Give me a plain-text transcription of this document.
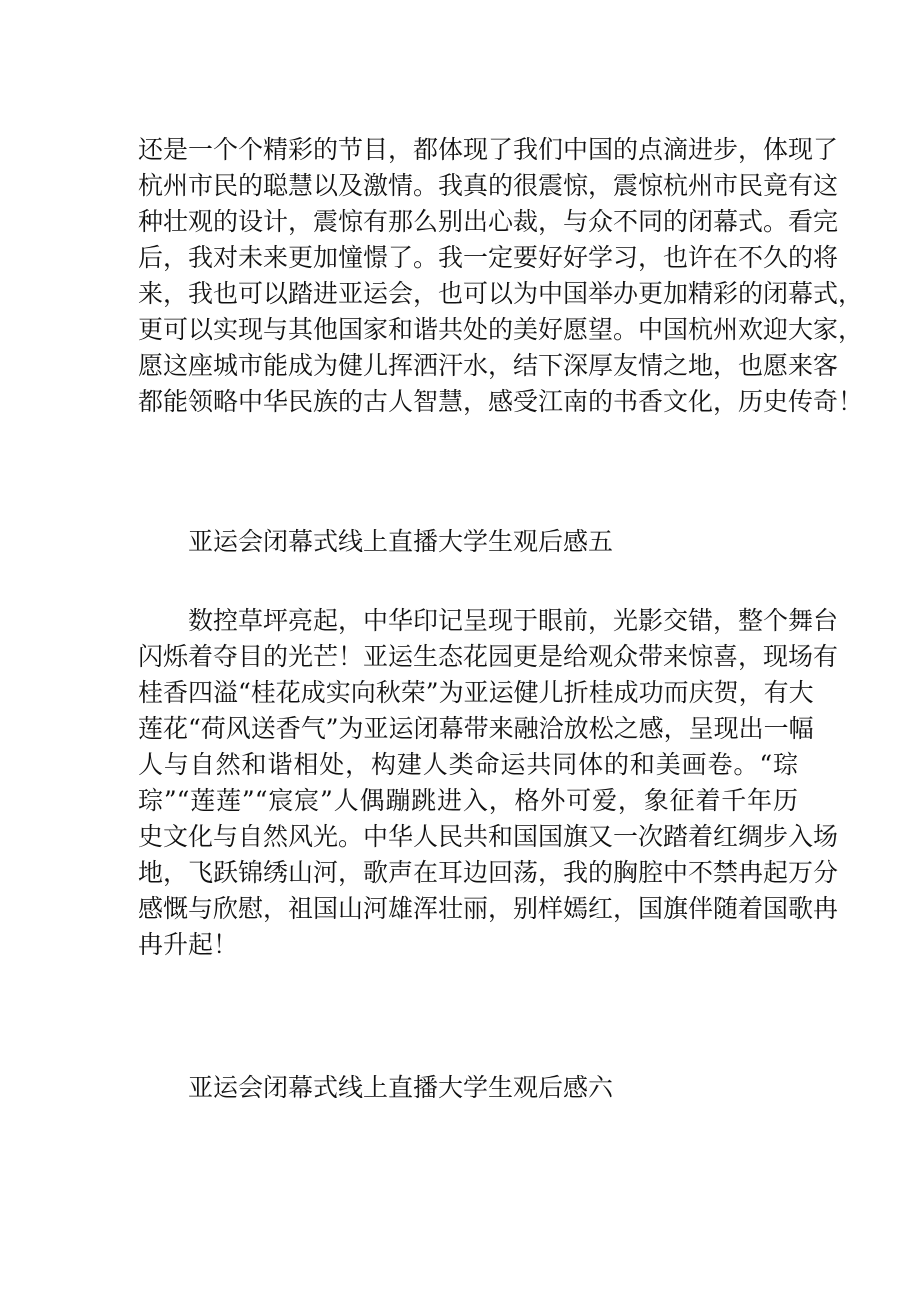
还是一个个精彩的节目，都体现了我们中国的点滴进步，体现了
杭州市民的聪慧以及激情。我真的很震惊，震惊杭州市民竟有这
种壮观的设计，震惊有那么别出心裁，与众不同的闭幕式。看完
后，我对未来更加憧憬了。我一定要好好学习，也许在不久的将
来，我也可以踏进亚运会，也可以为中国举办更加精彩的闭幕式，
更可以实现与其他国家和谐共处的美好愿望。中国杭州欢迎大家，
愿这座城市能成为健儿挥洒汗水，结下深厚友情之地，也愿来客
都能领略中华民族的古人智慧，感受江南的书香文化，历史传奇！
亚运会闭幕式线上直播大学生观后感五
数控草坪亮起，中华印记呈现于眼前，光影交错，整个舞台
闪烁着夺目的光芒！亚运生态花园更是给观众带来惊喜，现场有
桂香四溢“桂花成实向秋荣”为亚运健儿折桂成功而庆贺，有大
莲花“荷风送香气”为亚运闭幕带来融洽放松之感，呈现出一幅
人与自然和谐相处，构建人类命运共同体的和美画卷。“琮
琮”“莲莲”“宸宸”人偶蹦跳进入，格外可爱，象征着千年历
史文化与自然风光。中华人民共和国国旗又一次踏着红绸步入场
地，飞跃锦绣山河，歌声在耳边回荡，我的胸腔中不禁冉起万分
感慨与欣慰，祖国山河雄浑壮丽，别样嫣红，国旗伴随着国歌冉
冉升起！
亚运会闭幕式线上直播大学生观后感六
